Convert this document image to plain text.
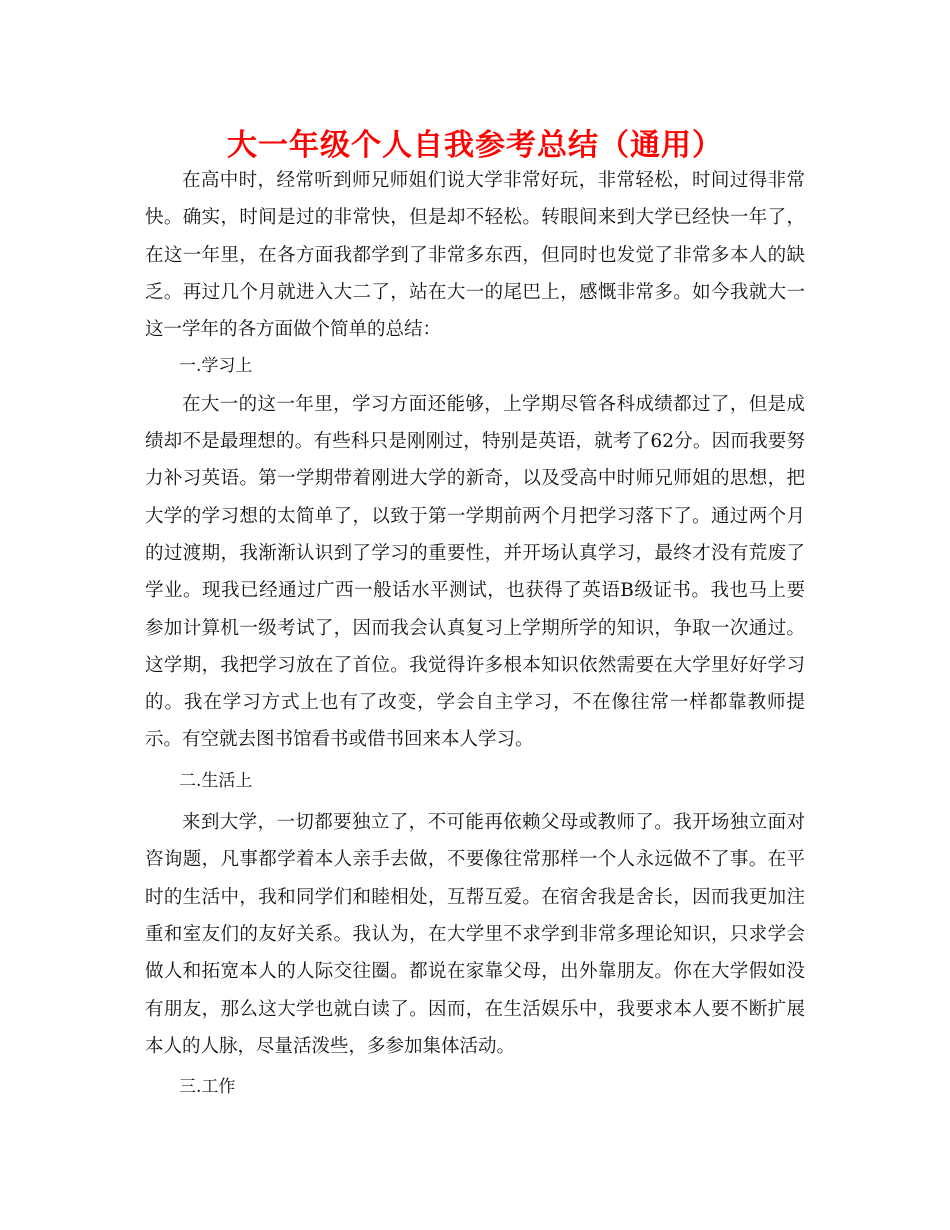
大一年级个人自我参考总结（通用）

在高中时，经常听到师兄师姐们说大学非常好玩，非常轻松，时间过得非常快。确实，时间是过的非常快，但是却不轻松。转眼间来到大学已经快一年了，在这一年里，在各方面我都学到了非常多东西，但同时也发觉了非常多本人的缺乏。再过几个月就进入大二了，站在大一的尾巴上，感慨非常多。如今我就大一这一学年的各方面做个简单的总结：

一.学习上

在大一的这一年里，学习方面还能够，上学期尽管各科成绩都过了，但是成绩却不是最理想的。有些科只是刚刚过，特别是英语，就考了62分。因而我要努力补习英语。第一学期带着刚进大学的新奇，以及受高中时师兄师姐的思想，把大学的学习想的太简单了，以致于第一学期前两个月把学习落下了。通过两个月的过渡期，我渐渐认识到了学习的重要性，并开场认真学习，最终才没有荒废了学业。现我已经通过广西一般话水平测试，也获得了英语B级证书。我也马上要参加计算机一级考试了，因而我会认真复习上学期所学的知识，争取一次通过。这学期，我把学习放在了首位。我觉得许多根本知识依然需要在大学里好好学习的。我在学习方式上也有了改变，学会自主学习，不在像往常一样都靠教师提示。有空就去图书馆看书或借书回来本人学习。

二.生活上

来到大学，一切都要独立了，不可能再依赖父母或教师了。我开场独立面对咨询题，凡事都学着本人亲手去做，不要像往常那样一个人永远做不了事。在平时的生活中，我和同学们和睦相处，互帮互爱。在宿舍我是舍长，因而我更加注重和室友们的友好关系。我认为，在大学里不求学到非常多理论知识，只求学会做人和拓宽本人的人际交往圈。都说在家靠父母，出外靠朋友。你在大学假如没有朋友，那么这大学也就白读了。因而，在生活娱乐中，我要求本人要不断扩展本人的人脉，尽量活泼些，多参加集体活动。

三.工作
